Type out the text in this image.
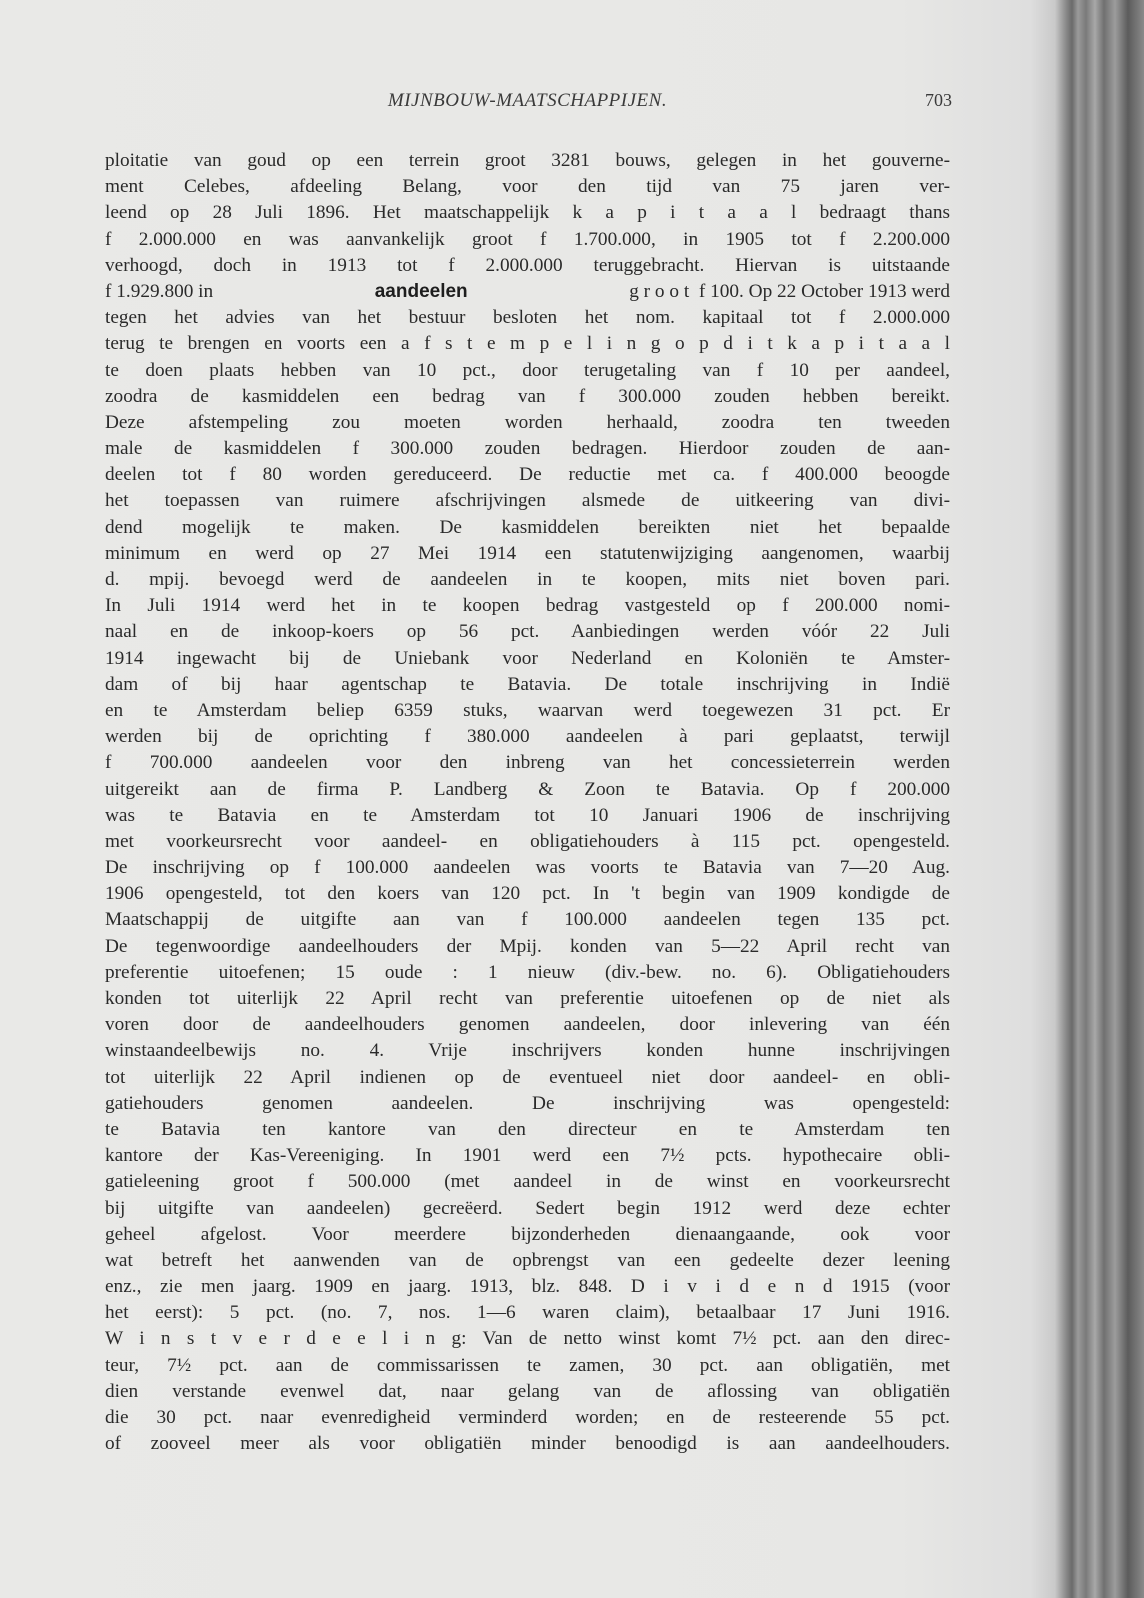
MIJNBOUW-MAATSCHAPPIJEN.	703
ploitatie van goud op een terrein groot 3281 bouws, gelegen in het gouverne-
ment Celebes, afdeeling Belang, voor den tijd van 75 jaren ver-
leend op 28 Juli 1896. Het maatschappelijk k a p i t a a l bedraagt thans
f 2.000.000 en was aanvankelijk groot f 1.700.000, in 1905 tot f 2.200.000
verhoogd, doch in 1913 tot f 2.000.000 teruggebracht. Hiervan is uitstaande
f 1.929.800 in	aandeelen	g r o o t  f 100. Op 22 October 1913 werd
tegen het advies van het bestuur besloten het nom. kapitaal tot f 2.000.000
terug te brengen en voorts een a f s t e m p e l i n g o p d i t k a p i t a a l
te doen plaats hebben van 10 pct., door terugetaling van f 10 per aandeel,
zoodra de kasmiddelen een bedrag van f 300.000 zouden hebben bereikt.
Deze afstempeling zou moeten worden herhaald, zoodra ten tweeden
male de kasmiddelen f 300.000 zouden bedragen. Hierdoor zouden de aan-
deelen tot f 80 worden gereduceerd. De reductie met ca. f 400.000 beoogde
het toepassen van ruimere afschrijvingen alsmede de uitkeering van divi-
dend mogelijk te maken. De kasmiddelen bereikten niet het bepaalde
minimum en werd op 27 Mei 1914 een statutenwijziging aangenomen, waarbij
d. mpij. bevoegd werd de aandeelen in te koopen, mits niet boven pari.
In Juli 1914 werd het in te koopen bedrag vastgesteld op f 200.000 nomi-
naal en de inkoop-koers op 56 pct. Aanbiedingen werden vóór 22 Juli
1914 ingewacht bij de Uniebank voor Nederland en Koloniën te Amster-
dam of bij haar agentschap te Batavia. De totale inschrijving in Indië
en te Amsterdam beliep 6359 stuks, waarvan werd toegewezen 31 pct. Er
werden bij de oprichting f 380.000 aandeelen à pari geplaatst, terwijl
f 700.000 aandeelen voor den inbreng van het concessieterrein werden
uitgereikt aan de firma P. Landberg & Zoon te Batavia. Op f 200.000
was te Batavia en te Amsterdam tot 10 Januari 1906 de inschrijving
met voorkeursrecht voor aandeel- en obligatiehouders à 115 pct. opengesteld.
De inschrijving op f 100.000 aandeelen was voorts te Batavia van 7—20 Aug.
1906 opengesteld, tot den koers van 120 pct. In 't begin van 1909 kondigde de
Maatschappij de uitgifte aan van f 100.000 aandeelen tegen 135 pct.
De tegenwoordige aandeelhouders der Mpij. konden van 5—22 April recht van
preferentie uitoefenen; 15 oude : 1 nieuw (div.-bew. no. 6). Obligatiehouders
konden tot uiterlijk 22 April recht van preferentie uitoefenen op de niet als
voren door de aandeelhouders genomen aandeelen, door inlevering van één
winstaandeelbewijs no. 4. Vrije inschrijvers konden hunne inschrijvingen
tot uiterlijk 22 April indienen op de eventueel niet door aandeel- en obli-
gatiehouders genomen aandeelen. De inschrijving was opengesteld:
te Batavia ten kantore van den directeur en te Amsterdam ten
kantore der Kas-Vereeniging. In 1901 werd een 7½ pcts. hypothecaire obli-
gatieleening groot f 500.000 (met aandeel in de winst en voorkeursrecht
bij uitgifte van aandeelen) gecreëerd. Sedert begin 1912 werd deze echter
geheel afgelost. Voor meerdere bijzonderheden dienaangaande, ook voor
wat betreft het aanwenden van de opbrengst van een gedeelte dezer leening
enz., zie men jaarg. 1909 en jaarg. 1913, blz. 848. D i v i d e n d 1915 (voor
het eerst): 5 pct. (no. 7, nos. 1—6 waren claim), betaalbaar 17 Juni 1916.
W i n s t v e r d e e l i n g: Van de netto winst komt 7½ pct. aan den direc-
teur, 7½ pct. aan de commissarissen te zamen, 30 pct. aan obligatiën, met
dien verstande evenwel dat, naar gelang van de aflossing van obligatiën
die 30 pct. naar evenredigheid verminderd worden; en de resteerende 55 pct.
of zooveel meer als voor obligatiën minder benoodigd is aan aandeelhouders.
